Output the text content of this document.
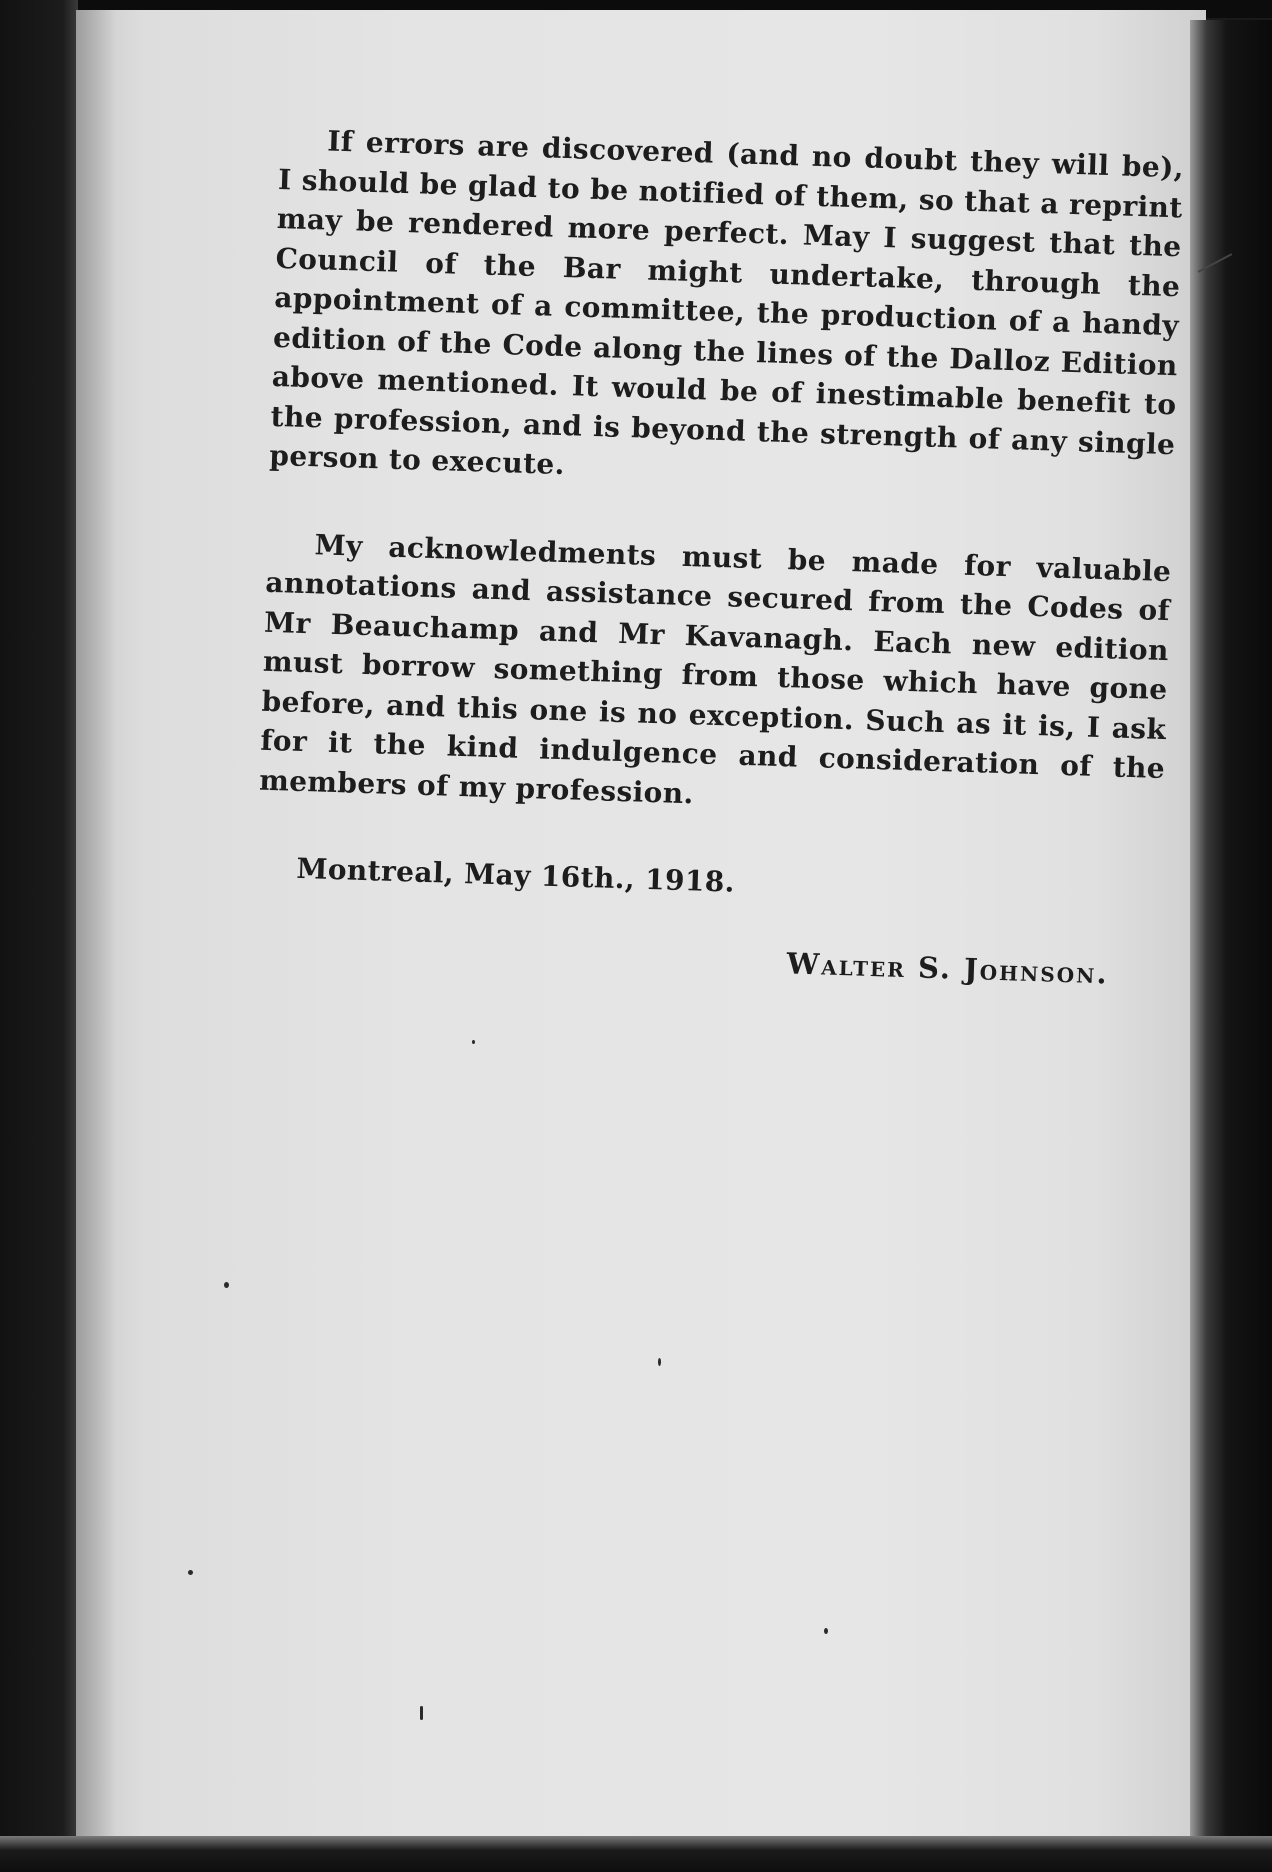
If errors are discovered (and no doubt they will be), I should be glad to be notified of them, so that a reprint may be rendered more perfect. May I suggest that the Council of the Bar might undertake, through the appointment of a committee, the production of a handy edition of the Code along the lines of the Dalloz Edition above mentioned. It would be of inestimable benefit to the profession, and is beyond the strength of any single person to execute.

My acknowledments must be made for valuable annotations and assistance secured from the Codes of Mr Beauchamp and Mr Kavanagh. Each new edition must borrow something from those which have gone before, and this one is no exception. Such as it is, I ask for it the kind indulgence and consideration of the members of my profession.

Montreal, May 16th., 1918.

Walter S. Johnson.
